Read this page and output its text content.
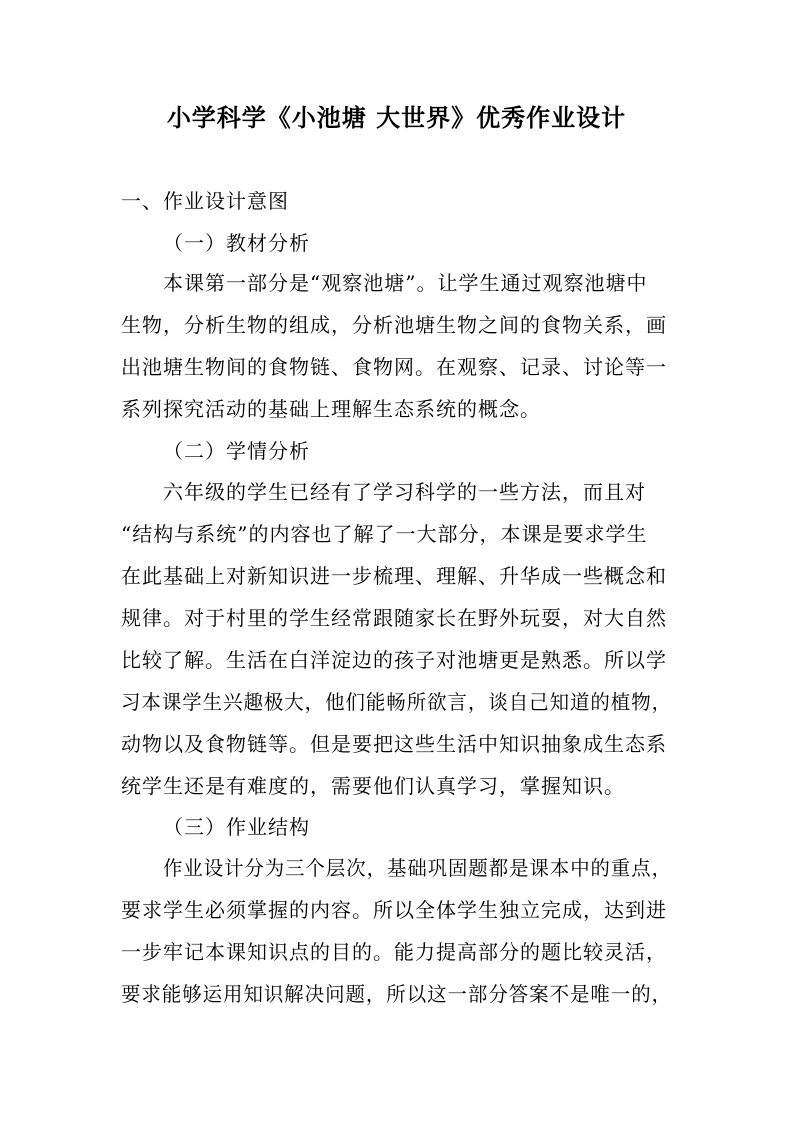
小学科学《小池塘 大世界》优秀作业设计
一、作业设计意图
（一）教材分析
本课第一部分是“观察池塘”。让学生通过观察池塘中
生物，分析生物的组成，分析池塘生物之间的食物关系，画
出池塘生物间的食物链、食物网。在观察、记录、讨论等一
系列探究活动的基础上理解生态系统的概念。
（二）学情分析
六年级的学生已经有了学习科学的一些方法，而且对
“结构与系统”的内容也了解了一大部分，本课是要求学生
在此基础上对新知识进一步梳理、理解、升华成一些概念和
规律。对于村里的学生经常跟随家长在野外玩耍，对大自然
比较了解。生活在白洋淀边的孩子对池塘更是熟悉。所以学
习本课学生兴趣极大，他们能畅所欲言，谈自己知道的植物，
动物以及食物链等。但是要把这些生活中知识抽象成生态系
统学生还是有难度的，需要他们认真学习，掌握知识。
（三）作业结构
作业设计分为三个层次，基础巩固题都是课本中的重点，
要求学生必须掌握的内容。所以全体学生独立完成，达到进
一步牢记本课知识点的目的。能力提高部分的题比较灵活，
要求能够运用知识解决问题，所以这一部分答案不是唯一的，
